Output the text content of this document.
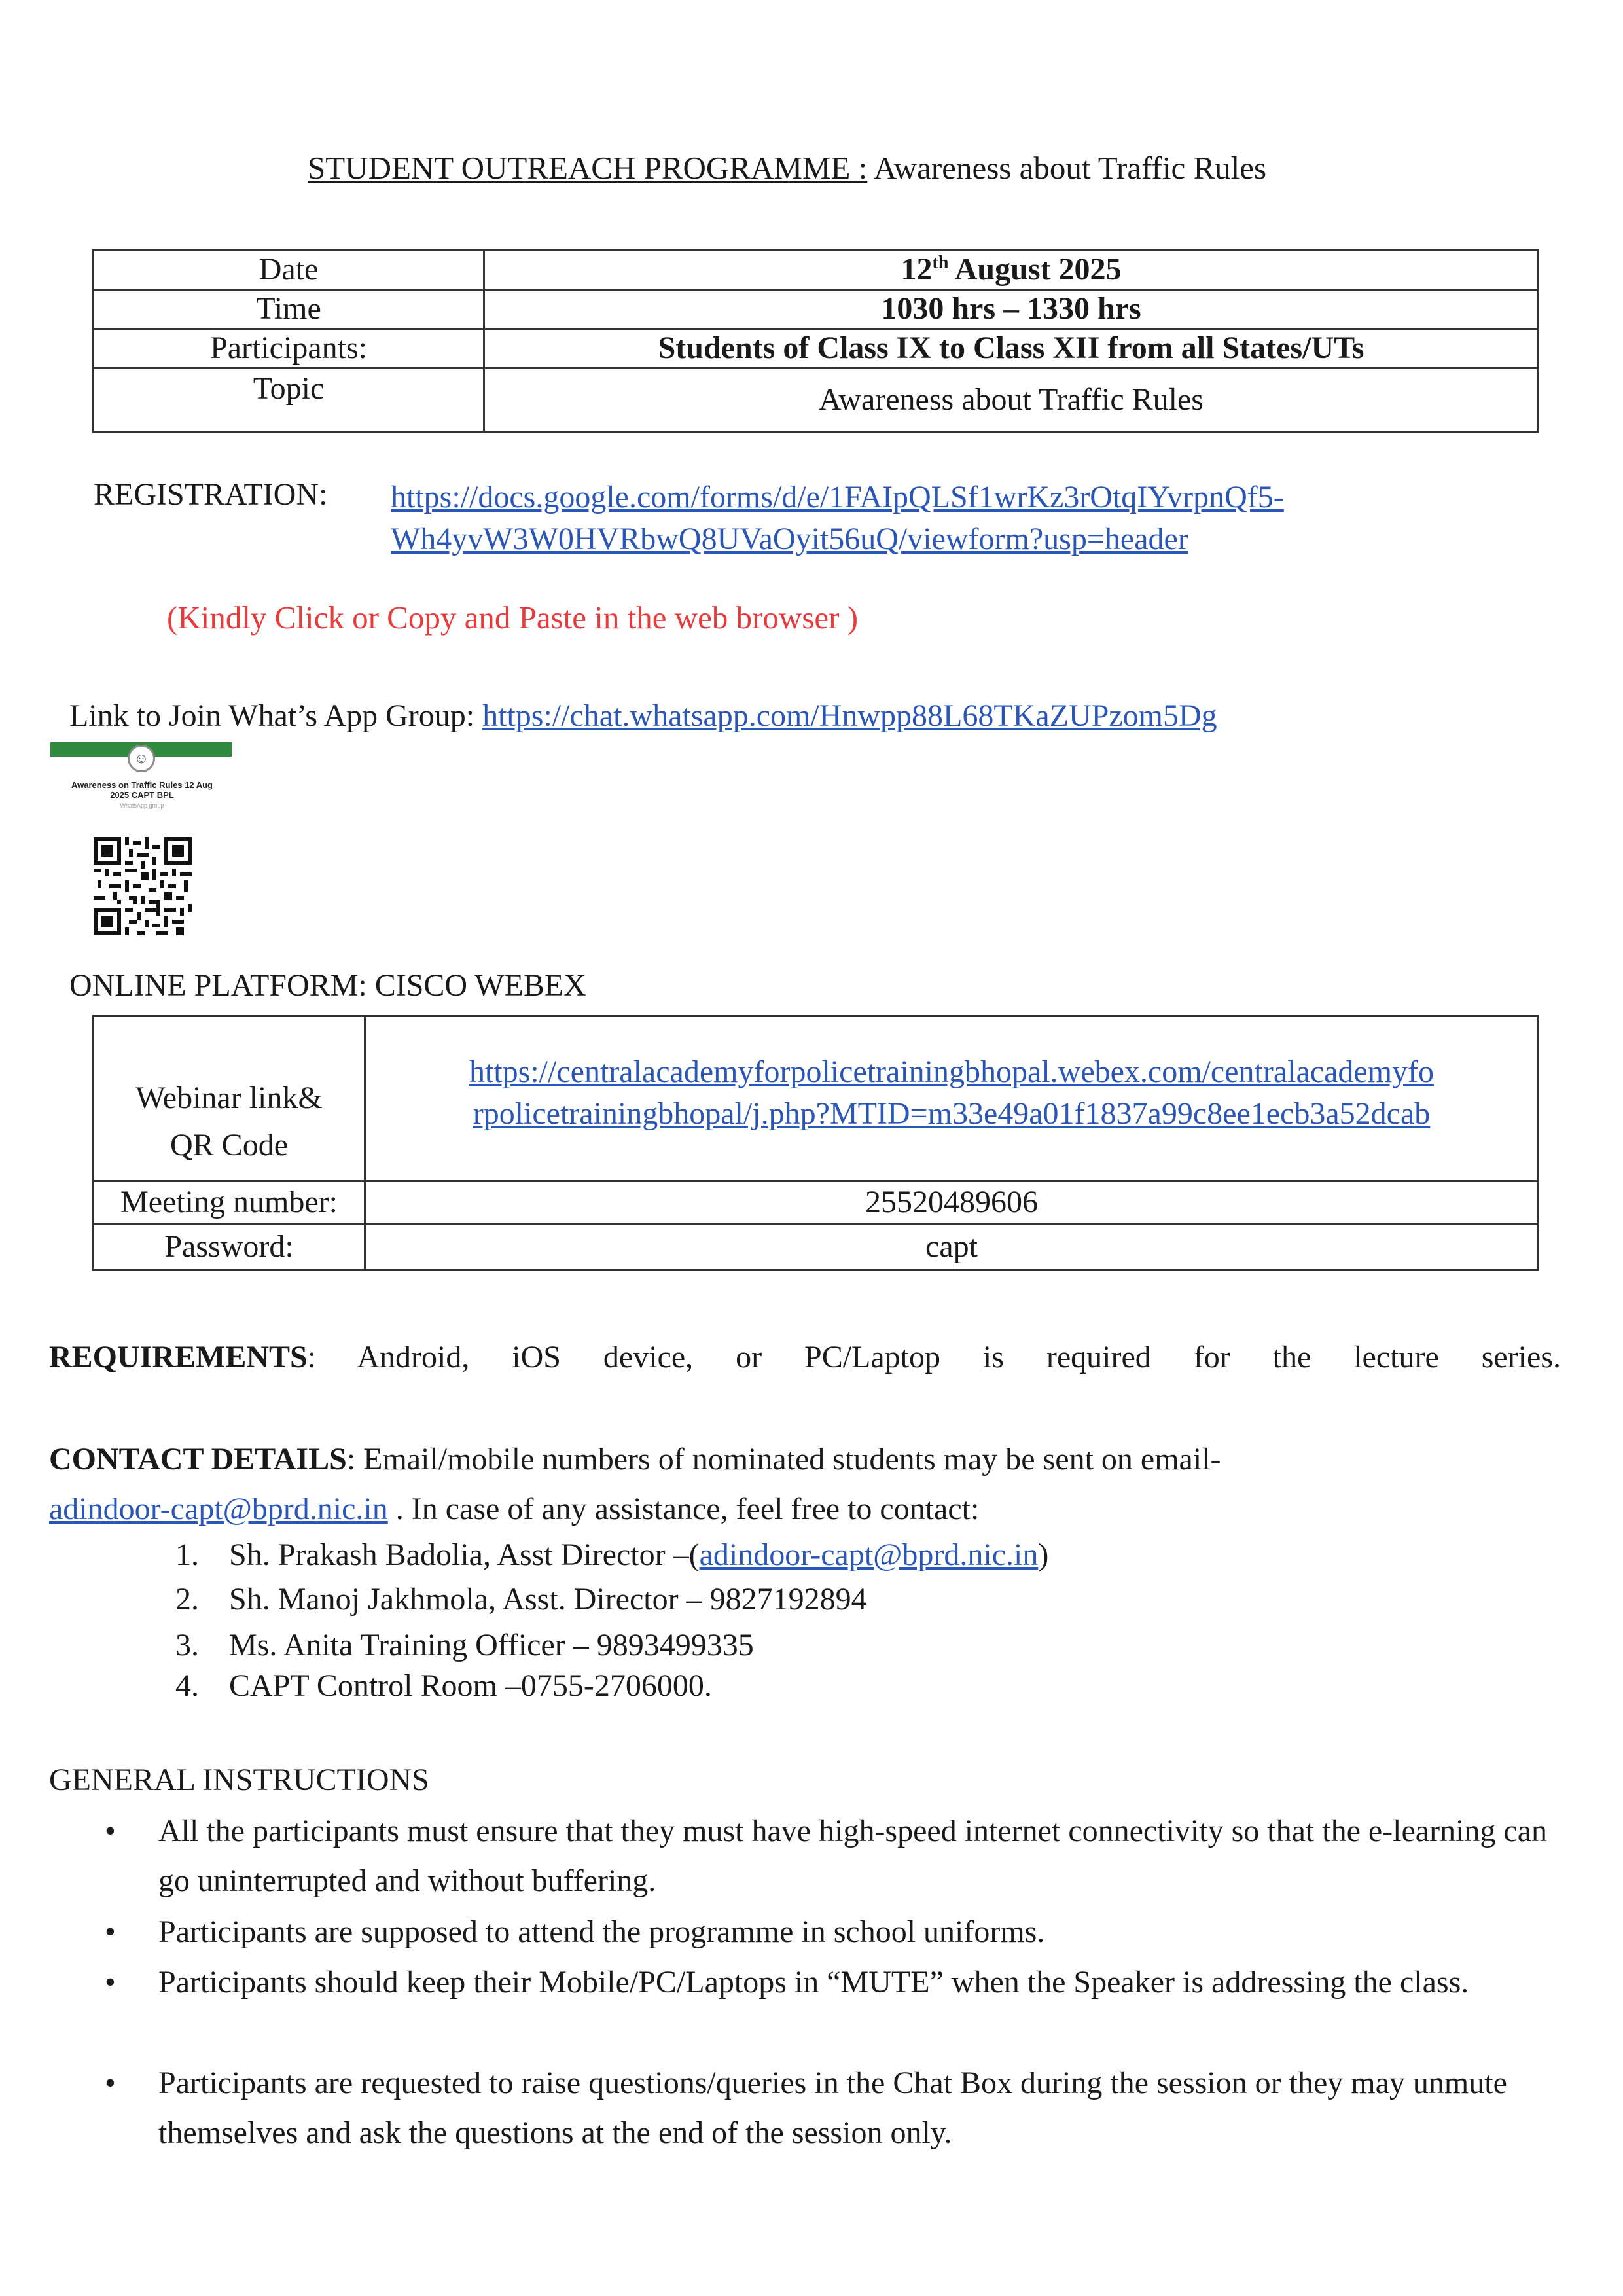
STUDENT OUTREACH PROGRAMME : Awareness about Traffic Rules
Date	12th August 2025
Time	1030 hrs – 1330 hrs
Participants:	Students of Class IX to Class XII from all States/UTs
Topic	Awareness about Traffic Rules
REGISTRATION: https://docs.google.com/forms/d/e/1FAIpQLSf1wrKz3rOtqIYvrpnQf5-
Wh4yvW3W0HVRbwQ8UVaOyit56uQ/viewform?usp=header
(Kindly Click or Copy and Paste in the web browser )
Link to Join What’s App Group: https://chat.whatsapp.com/Hnwpp88L68TKaZUPzom5Dg
☺
Awareness on Traffic Rules 12 Aug 2025 CAPT BPL
WhatsApp group
ONLINE PLATFORM: CISCO WEBEX
Webinar link&
QR Code	https://centralacademyforpolicetrainingbhopal.webex.com/centralacademyfo
rpolicetrainingbhopal/j.php?MTID=m33e49a01f1837a99c8ee1ecb3a52dcab
Meeting number:	25520489606
Password:	capt
REQUIREMENTS: Android, iOS device, or PC/Laptop is required for the lecture series.
CONTACT DETAILS: Email/mobile numbers of nominated students may be sent on email-
adindoor-capt@bprd.nic.in . In case of any assistance, feel free to contact:
1. Sh. Prakash Badolia, Asst Director –(adindoor-capt@bprd.nic.in)
2. Sh. Manoj Jakhmola, Asst. Director – 9827192894
3. Ms. Anita Training Officer – 9893499335
4. CAPT Control Room –0755-2706000.
GENERAL INSTRUCTIONS
• All the participants must ensure that they must have high-speed internet connectivity so that the e-learning can go uninterrupted and without buffering.
• Participants are supposed to attend the programme in school uniforms.
• Participants should keep their Mobile/PC/Laptops in “MUTE” when the Speaker is addressing the class.
• Participants are requested to raise questions/queries in the Chat Box during the session or they may unmute themselves and ask the questions at the end of the session only.
